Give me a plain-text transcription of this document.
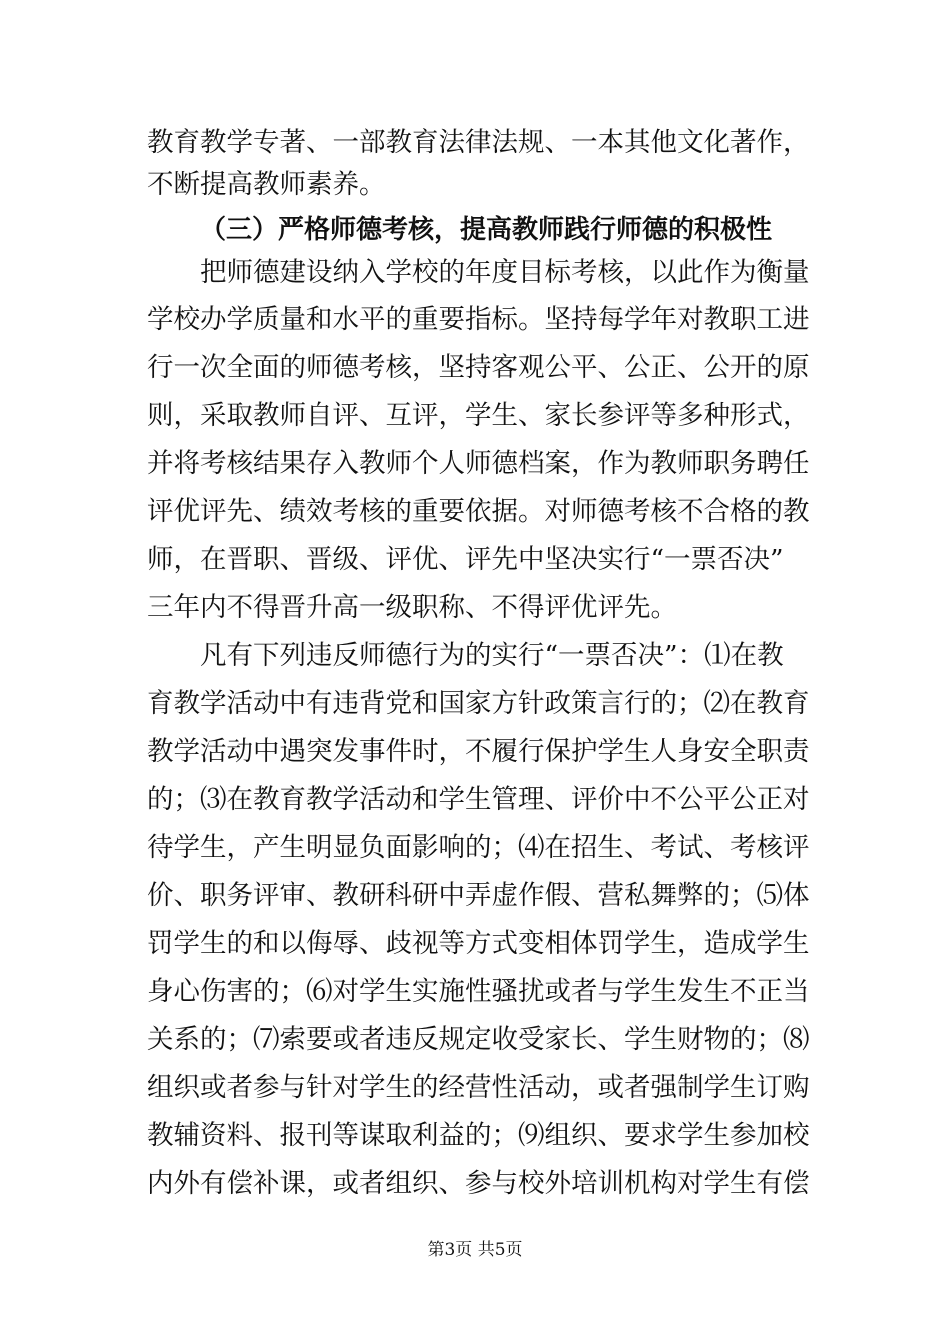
教育教学专著、一部教育法律法规、一本其他文化著作，
不断提高教师素养。
（三）严格师德考核，提高教师践行师德的积极性
把师德建设纳入学校的年度目标考核，以此作为衡量
学校办学质量和水平的重要指标。坚持每学年对教职工进
行一次全面的师德考核，坚持客观公平、公正、公开的原
则，采取教师自评、互评，学生、家长参评等多种形式，
并将考核结果存入教师个人师德档案，作为教师职务聘任
评优评先、绩效考核的重要依据。对师德考核不合格的教
师，在晋职、晋级、评优、评先中坚决实行“一票否决”
三年内不得晋升高一级职称、不得评优评先。
凡有下列违反师德行为的实行“一票否决”：⑴在教
育教学活动中有违背党和国家方针政策言行的；⑵在教育
教学活动中遇突发事件时，不履行保护学生人身安全职责
的；⑶在教育教学活动和学生管理、评价中不公平公正对
待学生，产生明显负面影响的；⑷在招生、考试、考核评
价、职务评审、教研科研中弄虚作假、营私舞弊的；⑸体
罚学生的和以侮辱、歧视等方式变相体罚学生，造成学生
身心伤害的；⑹对学生实施性骚扰或者与学生发生不正当
关系的；⑺索要或者违反规定收受家长、学生财物的；⑻
组织或者参与针对学生的经营性活动，或者强制学生订购
教辅资料、报刊等谋取利益的；⑼组织、要求学生参加校
内外有偿补课，或者组织、参与校外培训机构对学生有偿
第3页 共5页
